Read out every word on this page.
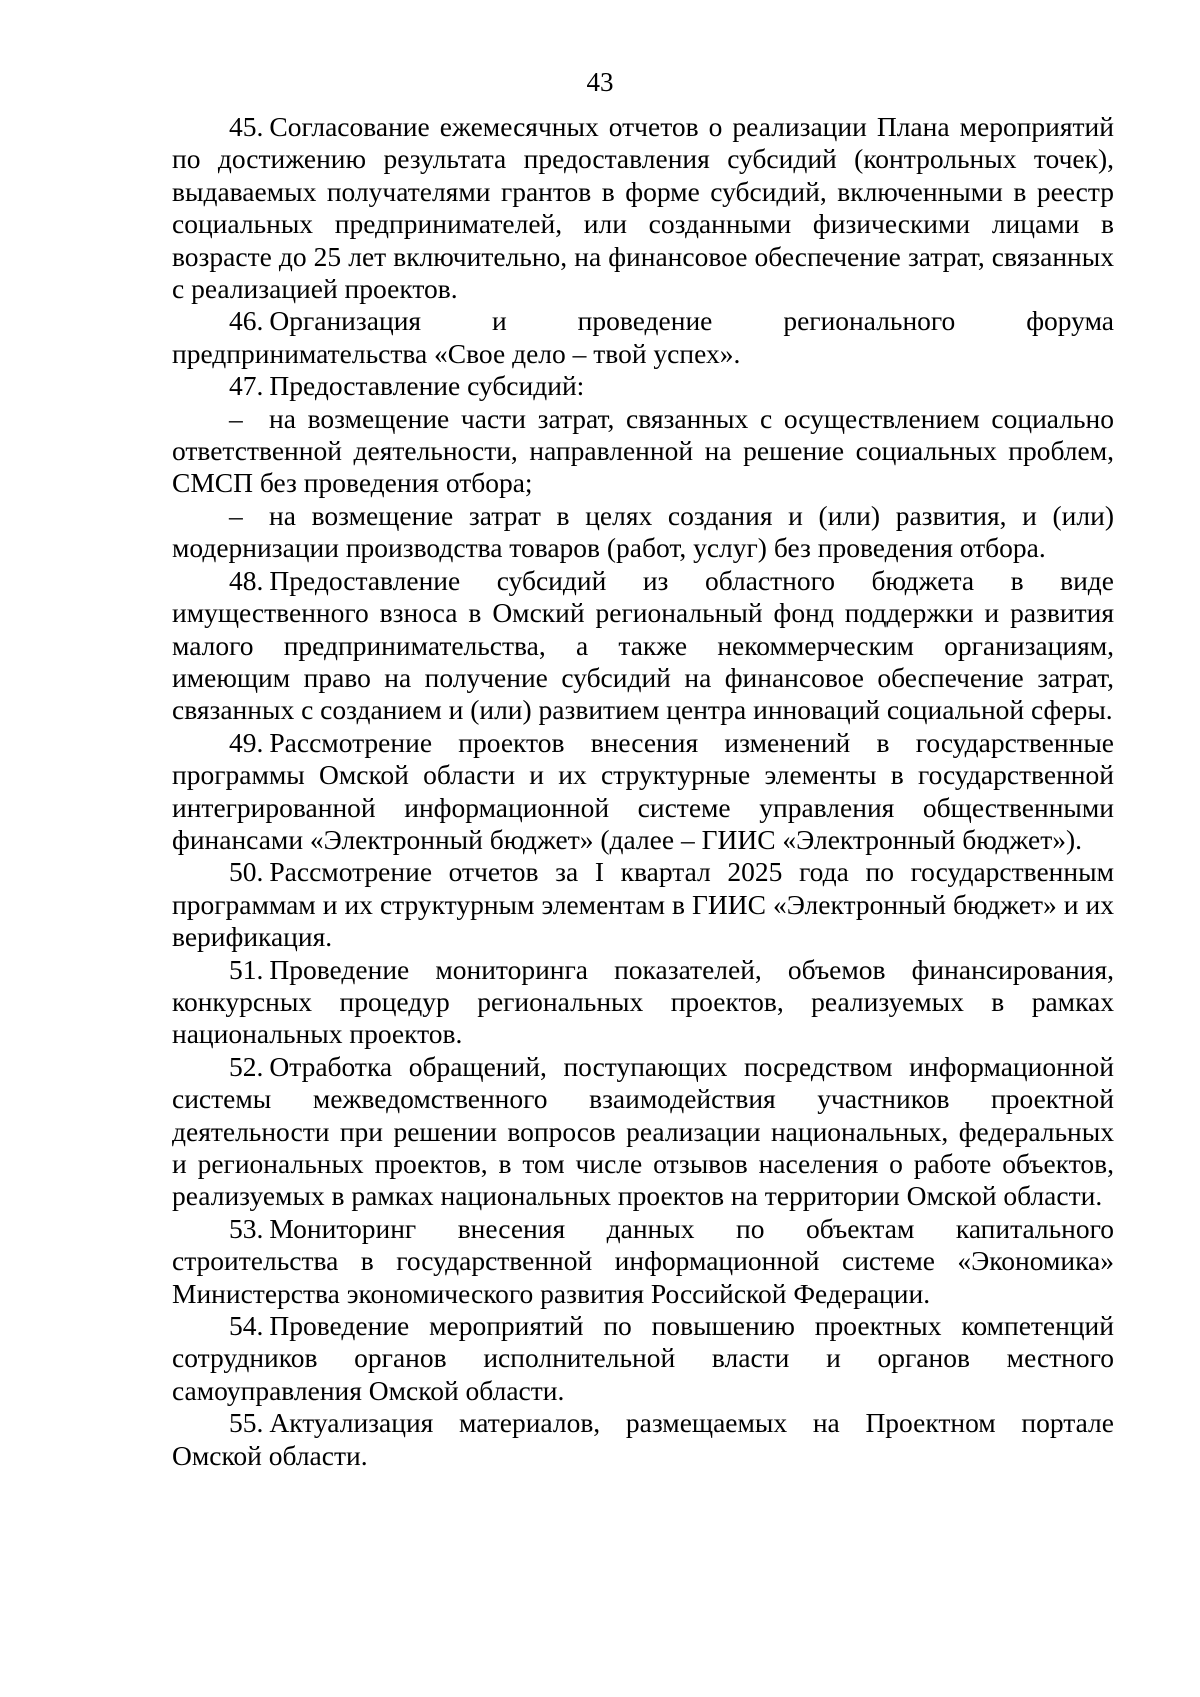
43

45. Согласование ежемесячных отчетов о реализации Плана мероприятий по достижению результата предоставления субсидий (контрольных точек), выдаваемых получателями грантов в форме субсидий, включенными в реестр социальных предпринимателей, или созданными физическими лицами в возрасте до 25 лет включительно, на финансовое обеспечение затрат, связанных с реализацией проектов.

46. Организация и проведение регионального форума предпринимательства «Свое дело – твой успех».

47. Предоставление субсидий:

– на возмещение части затрат, связанных с осуществлением социально ответственной деятельности, направленной на решение социальных проблем, СМСП без проведения отбора;

– на возмещение затрат в целях создания и (или) развития, и (или) модернизации производства товаров (работ, услуг) без проведения отбора.

48. Предоставление субсидий из областного бюджета в виде имущественного взноса в Омский региональный фонд поддержки и развития малого предпринимательства, а также некоммерческим организациям, имеющим право на получение субсидий на финансовое обеспечение затрат, связанных с созданием и (или) развитием центра инноваций социальной сферы.

49. Рассмотрение проектов внесения изменений в государственные программы Омской области и их структурные элементы в государственной интегрированной информационной системе управления общественными финансами «Электронный бюджет» (далее – ГИИС «Электронный бюджет»).

50. Рассмотрение отчетов за I квартал 2025 года по государственным программам и их структурным элементам в ГИИС «Электронный бюджет» и их верификация.

51. Проведение мониторинга показателей, объемов финансирования, конкурсных процедур региональных проектов, реализуемых в рамках национальных проектов.

52. Отработка обращений, поступающих посредством информационной системы межведомственного взаимодействия участников проектной деятельности при решении вопросов реализации национальных, федеральных и региональных проектов, в том числе отзывов населения о работе объектов, реализуемых в рамках национальных проектов на территории Омской области.

53. Мониторинг внесения данных по объектам капитального строительства в государственной информационной системе «Экономика» Министерства экономического развития Российской Федерации.

54. Проведение мероприятий по повышению проектных компетенций сотрудников органов исполнительной власти и органов местного самоуправления Омской области.

55. Актуализация материалов, размещаемых на Проектном портале Омской области.
